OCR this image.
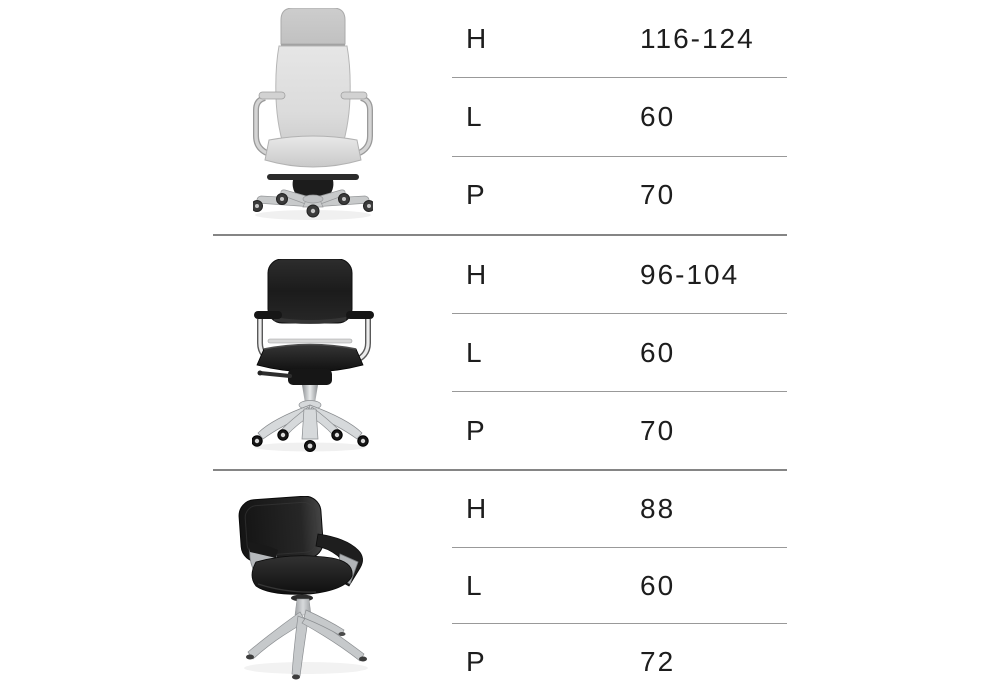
H	116-124
L	60
P	70
H	96-104
L	60
P	70
H	88
L	60
P	72
